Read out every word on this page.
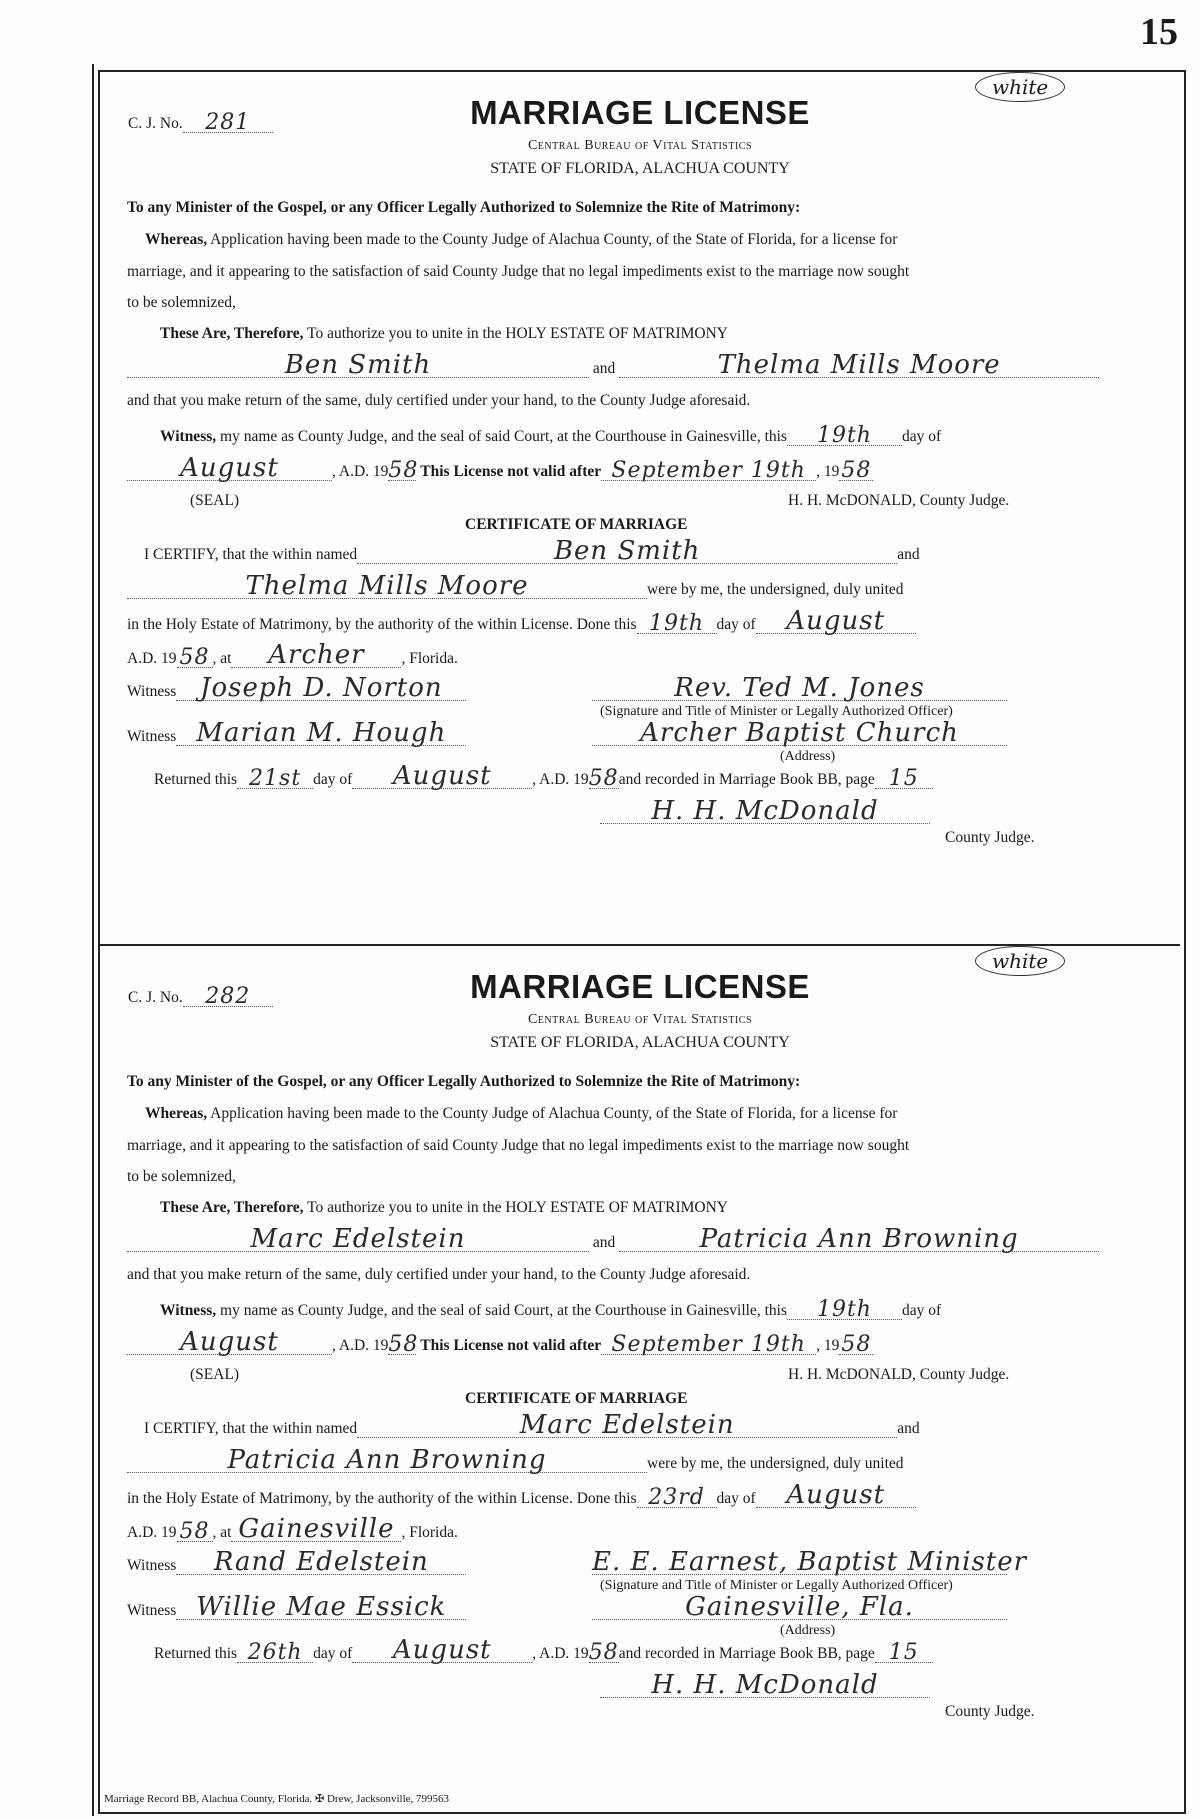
15
C. J. No.	281
white
MARRIAGE LICENSE
Central Bureau of Vital Statistics
STATE OF FLORIDA, ALACHUA COUNTY
To any Minister of the Gospel, or any Officer Legally Authorized to Solemnize the Rite of Matrimony:
Whereas, Application having been made to the County Judge of Alachua County, of the State of Florida, for a license for
marriage, and it appearing to the satisfaction of said County Judge that no legal impediments exist to the marriage now sought
to be solemnized,
These Are, Therefore, To authorize you to unite in the HOLY ESTATE OF MATRIMONY
Ben Smith	and	Thelma Mills Moore
and that you make return of the same, duly certified under your hand, to the County Judge aforesaid.
Witness, my name as County Judge, and the seal of said Court, at the Courthouse in Gainesville, this	19th	day of
August	, A.D. 19 58 This License not valid after September 19th , 19 58
(SEAL)	H. H. McDONALD, County Judge.
CERTIFICATE OF MARRIAGE
I CERTIFY, that the within named	Ben Smith	and
Thelma Mills Moore	were by me, the undersigned, duly united
in the Holy Estate of Matrimony, by the authority of the within License. Done this 19th day of	August
A.D. 19 58 , at	Archer	, Florida.
Witness Joseph D. Norton	Rev. Ted M. Jones
(Signature and Title of Minister or Legally Authorized Officer)
Witness Marian M. Hough	Archer Baptist Church
(Address)
Returned this 21st day of	August	, A.D. 19 58 and recorded in Marriage Book BB, page 15
H. H. McDonald
County Judge.
C. J. No.	282
white
MARRIAGE LICENSE
Central Bureau of Vital Statistics
STATE OF FLORIDA, ALACHUA COUNTY
To any Minister of the Gospel, or any Officer Legally Authorized to Solemnize the Rite of Matrimony:
Whereas, Application having been made to the County Judge of Alachua County, of the State of Florida, for a license for
marriage, and it appearing to the satisfaction of said County Judge that no legal impediments exist to the marriage now sought
to be solemnized,
These Are, Therefore, To authorize you to unite in the HOLY ESTATE OF MATRIMONY
Marc Edelstein	and	Patricia Ann Browning
and that you make return of the same, duly certified under your hand, to the County Judge aforesaid.
Witness, my name as County Judge, and the seal of said Court, at the Courthouse in Gainesville, this	19th	day of
August	, A.D. 19 58 This License not valid after September 19th , 19 58
(SEAL)	H. H. McDONALD, County Judge.
CERTIFICATE OF MARRIAGE
I CERTIFY, that the within named	Marc Edelstein	and
Patricia Ann Browning	were by me, the undersigned, duly united
in the Holy Estate of Matrimony, by the authority of the within License. Done this 23rd day of	August
A.D. 19 58 , at Gainesville , Florida.
Witness	Rand Edelstein	E. E. Earnest, Baptist Minister
(Signature and Title of Minister or Legally Authorized Officer)
Witness Willie Mae Essick	Gainesville, Fla.
(Address)
Returned this 26th day of	August	, A.D. 19 58 and recorded in Marriage Book BB, page 15
H. H. McDonald
County Judge.
Marriage Record BB, Alachua County, Florida. ✠ Drew, Jacksonville, 799563
